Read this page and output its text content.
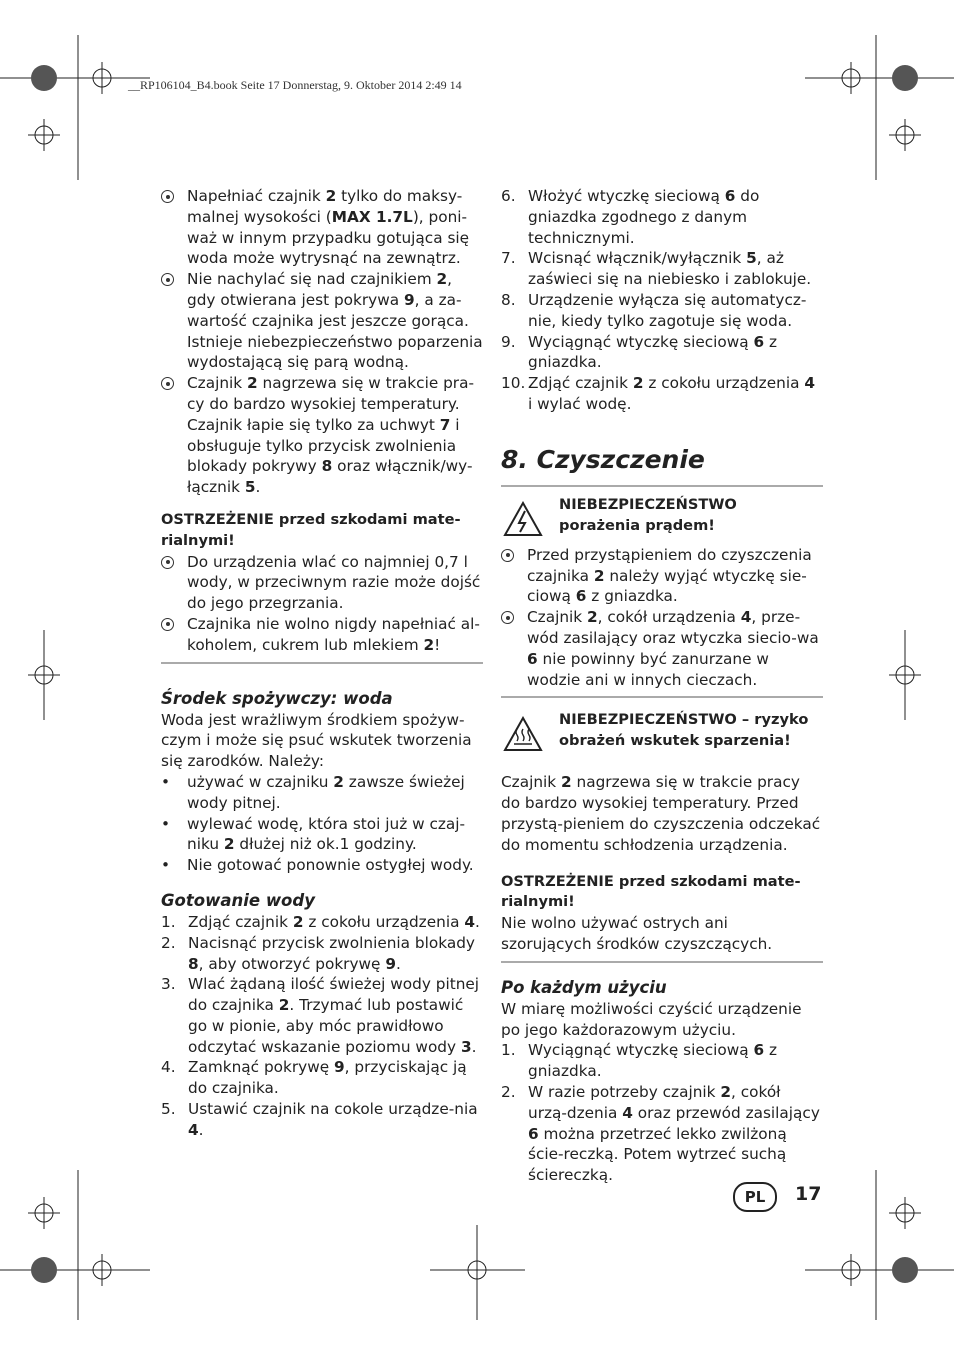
__RP106104_B4.book Seite 17 Donnerstag, 9. Oktober 2014 2:49 14
Napełniać czajnik 2 tylko do maksy-malnej wysokości (MAX 1.7L), poni-waż w innym przypadku gotująca się woda może wytrysnąć na zewnątrz.
Nie nachylać się nad czajnikiem 2, gdy otwierana jest pokrywa 9, a za-wartość czajnika jest jeszcze gorąca. Istnieje niebezpieczeństwo poparzenia wydostającą się parą wodną.
Czajnik 2 nagrzewa się w trakcie pra-cy do bardzo wysokiej temperatury. Czajnik łapie się tylko za uchwyt 7 i obsługuje tylko przycisk zwolnienia blokady pokrywy 8 oraz włącznik/wy-łącznik 5.
OSTRZEŻENIE przed szkodami mate-rialnymi!
Do urządzenia wlać co najmniej 0,7 l wody, w przeciwnym razie może dojść do jego przegrzania.
Czajnika nie wolno nigdy napełniać al-koholem, cukrem lub mlekiem 2!
Środek spożywczy: woda
Woda jest wrażliwym środkiem spożyw-czym i może się psuć wskutek tworzenia się zarodków. Należy:
• używać w czajniku 2 zawsze świeżej wody pitnej.
• wylewać wodę, która stoi już w czaj-niku 2 dłużej niż ok.1 godziny.
• Nie gotować ponownie ostygłej wody.
Gotowanie wody
1. Zdjąć czajnik 2 z cokołu urządzenia 4.
2. Nacisnąć przycisk zwolnienia blokady 8, aby otworzyć pokrywę 9.
3. Wlać żądaną ilość świeżej wody pitnej do czajnika 2. Trzymać lub postawić go w pionie, aby móc prawidłowo odczytać wskazanie poziomu wody 3.
4. Zamknąć pokrywę 9, przyciskając ją do czajnika.
5. Ustawić czajnik na cokole urządze-nia 4.
6. Włożyć wtyczkę sieciową 6 do gniazdka zgodnego z danym technicznymi.
7. Wcisnąć włącznik/wyłącznik 5, aż zaświeci się na niebiesko i zablokuje.
8. Urządzenie wyłącza się automatycz-nie, kiedy tylko zagotuje się woda.
9. Wyciągnąć wtyczkę sieciową 6 z gniazdka.
10. Zdjąć czajnik 2 z cokołu urządzenia 4 i wylać wodę.
8. Czyszczenie
NIEBEZPIECZEŃSTWO porażenia prądem!
Przed przystąpieniem do czyszczenia czajnika 2 należy wyjąć wtyczkę sie-ciową 6 z gniazdka.
Czajnik 2, cokół urządzenia 4, prze-wód zasilający oraz wtyczka siecio-wa 6 nie powinny być zanurzane w wodzie ani w innych cieczach.
NIEBEZPIECZEŃSTWO – ryzyko obrażeń wskutek sparzenia!
Czajnik 2 nagrzewa się w trakcie pracy do bardzo wysokiej temperatury. Przed przystą-pieniem do czyszczenia odczekać do momentu schłodzenia urządzenia.
OSTRZEŻENIE przed szkodami mate-rialnymi!
Nie wolno używać ostrych ani szorujących środków czyszczących.
Po każdym użyciu
W miarę możliwości czyścić urządzenie po jego każdorazowym użyciu.
1. Wyciągnąć wtyczkę sieciową 6 z gniazdka.
2. W razie potrzeby czajnik 2, cokół urzą-dzenia 4 oraz przewód zasilający 6 można przetrzeć lekko zwilżoną ście-reczką. Potem wytrzeć suchą ściereczką.
PL	17
